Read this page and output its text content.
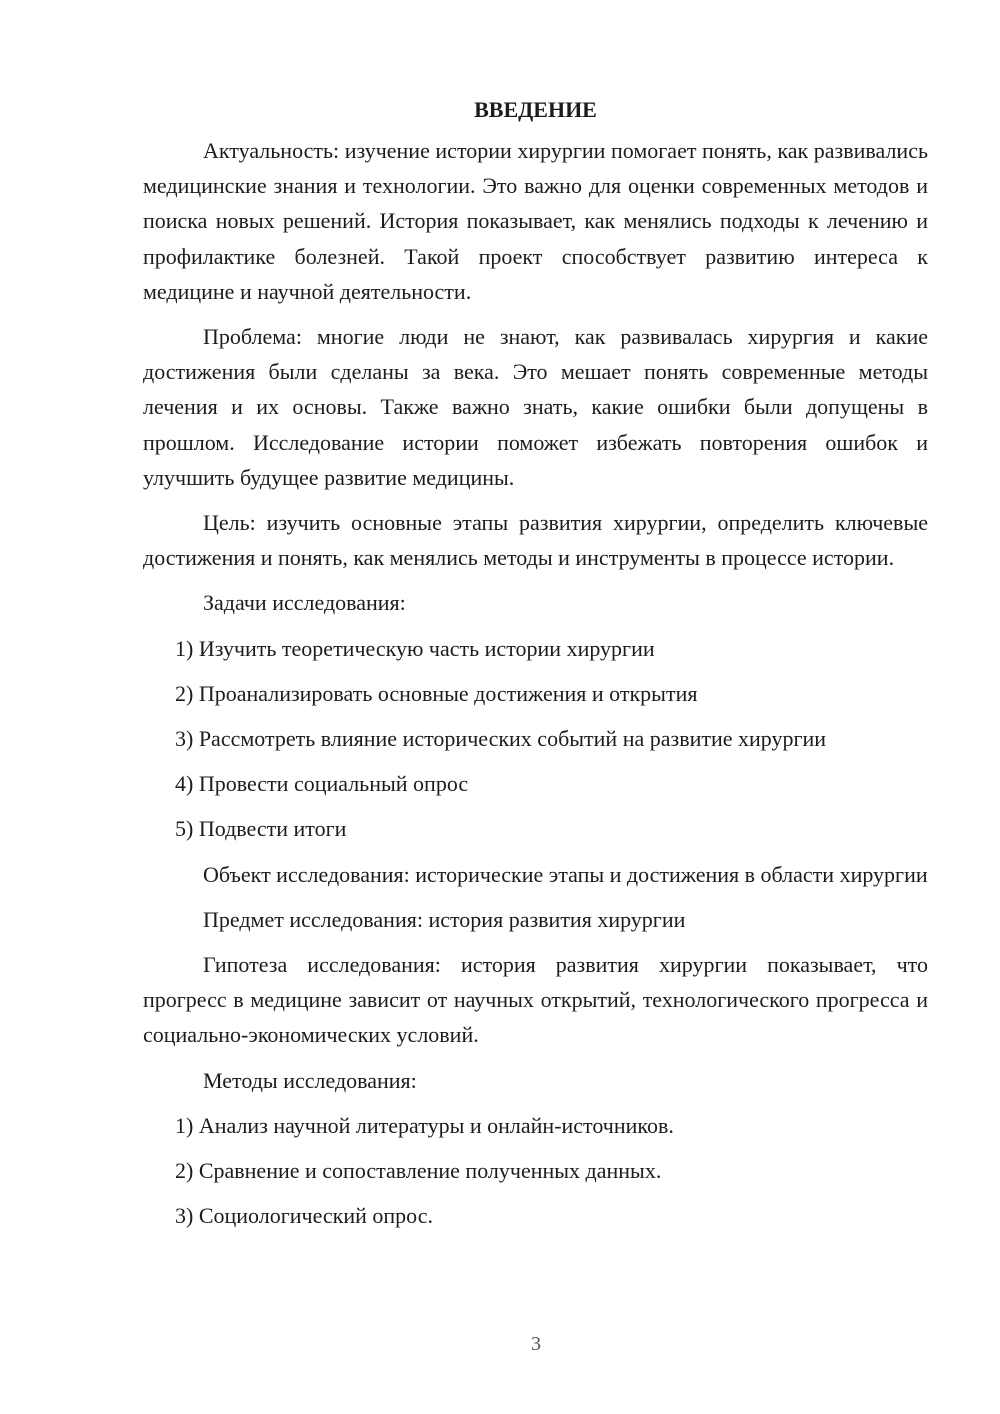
ВВЕДЕНИЕ

Актуальность: изучение истории хирургии помогает понять, как развивались медицинские знания и технологии. Это важно для оценки современных методов и поиска новых решений. История показывает, как менялись подходы к лечению и профилактике болезней. Такой проект способствует развитию интереса к медицине и научной деятельности.

Проблема: многие люди не знают, как развивалась хирургия и какие достижения были сделаны за века. Это мешает понять современные методы лечения и их основы. Также важно знать, какие ошибки были допущены в прошлом. Исследование истории поможет избежать повторения ошибок и улучшить будущее развитие медицины.

Цель: изучить основные этапы развития хирургии, определить ключевые достижения и понять, как менялись методы и инструменты в процессе истории.

Задачи исследования:

1) Изучить теоретическую часть истории хирургии
2) Проанализировать основные достижения и открытия
3) Рассмотреть влияние исторических событий на развитие хирургии
4) Провести социальный опрос
5) Подвести итоги

Объект исследования: исторические этапы и достижения в области хирургии

Предмет исследования: история развития хирургии

Гипотеза исследования: история развития хирургии показывает, что прогресс в медицине зависит от научных открытий, технологического прогресса и социально-экономических условий.

Методы исследования:

1) Анализ научной литературы и онлайн-источников.
2) Сравнение и сопоставление полученных данных.
3) Социологический опрос.
3
